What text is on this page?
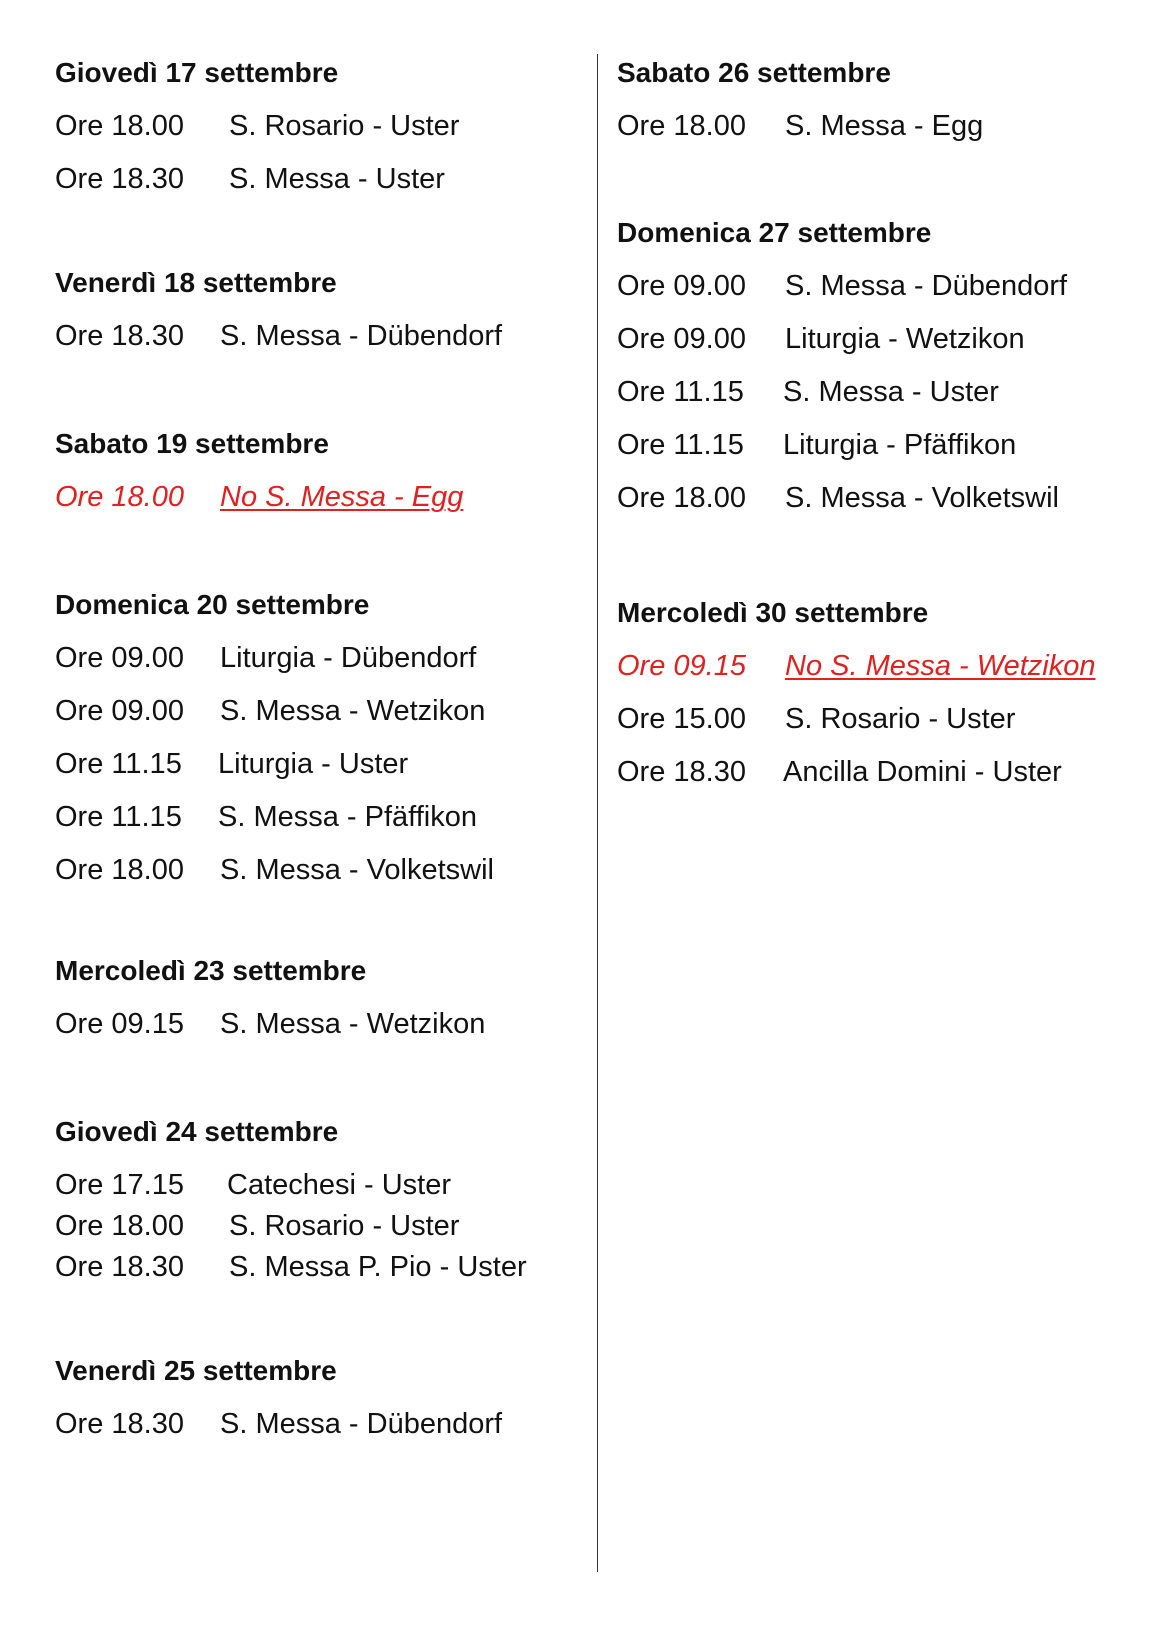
Giovedì 17 settembre
Ore 18.00 S. Rosario - Uster
Ore 18.30 S. Messa - Uster
Venerdì 18 settembre
Ore 18.30 S. Messa - Dübendorf
Sabato 19 settembre
Ore 18.00 No S. Messa - Egg
Domenica 20 settembre
Ore 09.00 Liturgia - Dübendorf
Ore 09.00 S. Messa - Wetzikon
Ore 11.15 Liturgia - Uster
Ore 11.15 S. Messa - Pfäffikon
Ore 18.00 S. Messa - Volketswil
Mercoledì 23 settembre
Ore 09.15 S. Messa - Wetzikon
Giovedì 24 settembre
Ore 17.15 Catechesi - Uster
Ore 18.00 S. Rosario - Uster
Ore 18.30 S. Messa P. Pio - Uster
Venerdì 25 settembre
Ore 18.30 S. Messa - Dübendorf
Sabato 26 settembre
Ore 18.00 S. Messa - Egg
Domenica 27 settembre
Ore 09.00 S. Messa - Dübendorf
Ore 09.00 Liturgia - Wetzikon
Ore 11.15 S. Messa - Uster
Ore 11.15 Liturgia - Pfäffikon
Ore 18.00 S. Messa - Volketswil
Mercoledì 30 settembre
Ore 09.15 No S. Messa - Wetzikon
Ore 15.00 S. Rosario - Uster
Ore 18.30 Ancilla Domini - Uster
